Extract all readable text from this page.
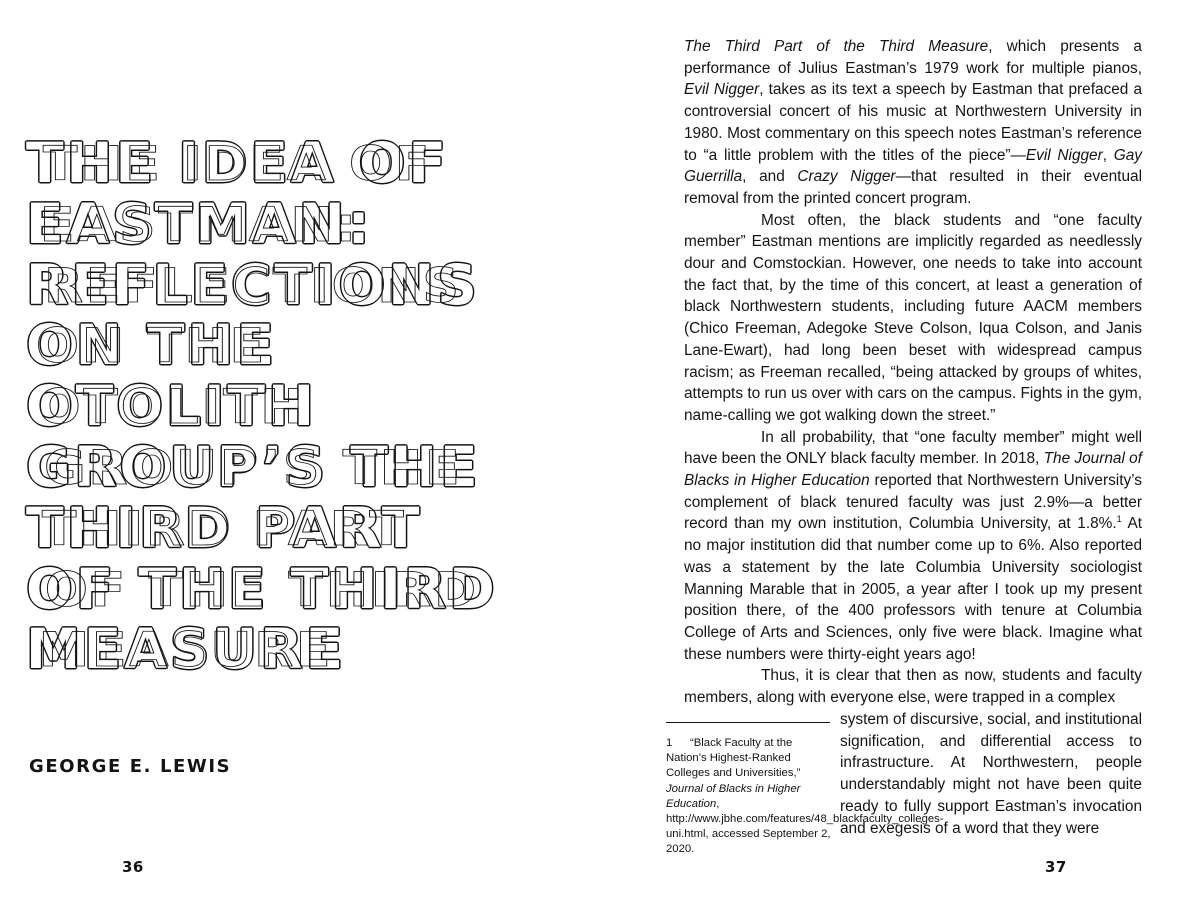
THE IDEA OF THE IDEA OF
EASTMAN: EASTMAN:
REFLECTIONS REFLECTIONS
ON THE ON THE
OTOLITH OTOLITH
GROUP’S THE GROUP’S THE
THIRD PART THIRD PART
OF THE THIRD OF THE THIRD
MEASURE MEASURE

GEORGE E. LEWIS

36

The Third Part of the Third Measure, which presents a performance of Julius Eastman’s 1979 work for multiple pianos, Evil Nigger, takes as its text a speech by Eastman that prefaced a controversial concert of his music at Northwestern University in 1980. Most commentary on this speech notes Eastman’s reference to “a little problem with the titles of the piece”—Evil Nigger, Gay Guerrilla, and Crazy Nigger—that resulted in their eventual removal from the printed concert program.

Most often, the black students and “one faculty member” Eastman mentions are implicitly regarded as needlessly dour and Comstockian. However, one needs to take into account the fact that, by the time of this concert, at least a generation of black Northwestern students, including future AACM members (Chico Freeman, Adegoke Steve Colson, Iqua Colson, and Janis Lane-Ewart), had long been beset with widespread campus racism; as Freeman recalled, “being attacked by groups of whites, attempts to run us over with cars on the campus. Fights in the gym, name-calling we got walking down the street.”

In all probability, that “one faculty member” might well have been the ONLY black faculty member. In 2018, The Journal of Blacks in Higher Education reported that Northwestern University’s complement of black tenured faculty was just 2.9%—a better record than my own institution, Columbia University, at 1.8%.$^1$ At no major institution did that number come up to 6%. Also reported was a statement by the late Columbia University sociologist Manning Marable that in 2005, a year after I took up my present position there, of the 400 professors with tenure at Columbia College of Arts and Sciences, only five were black. Imagine what these numbers were thirty-eight years ago!

Thus, it is clear that then as now, students and faculty members, along with everyone else, were trapped in a complex

system of discursive, social, and institutional signification, and differential access to infrastructure. At Northwestern, people understandably might not have been quite ready to fully support Eastman’s invocation and exegesis of a word that they were

1 “Black Faculty at the Nation’s Highest-Ranked Colleges and Universities,” Journal of Blacks in Higher Education, http://www.jbhe.com/features/48_blackfaculty_colleges-uni.html, accessed September 2, 2020.

37
